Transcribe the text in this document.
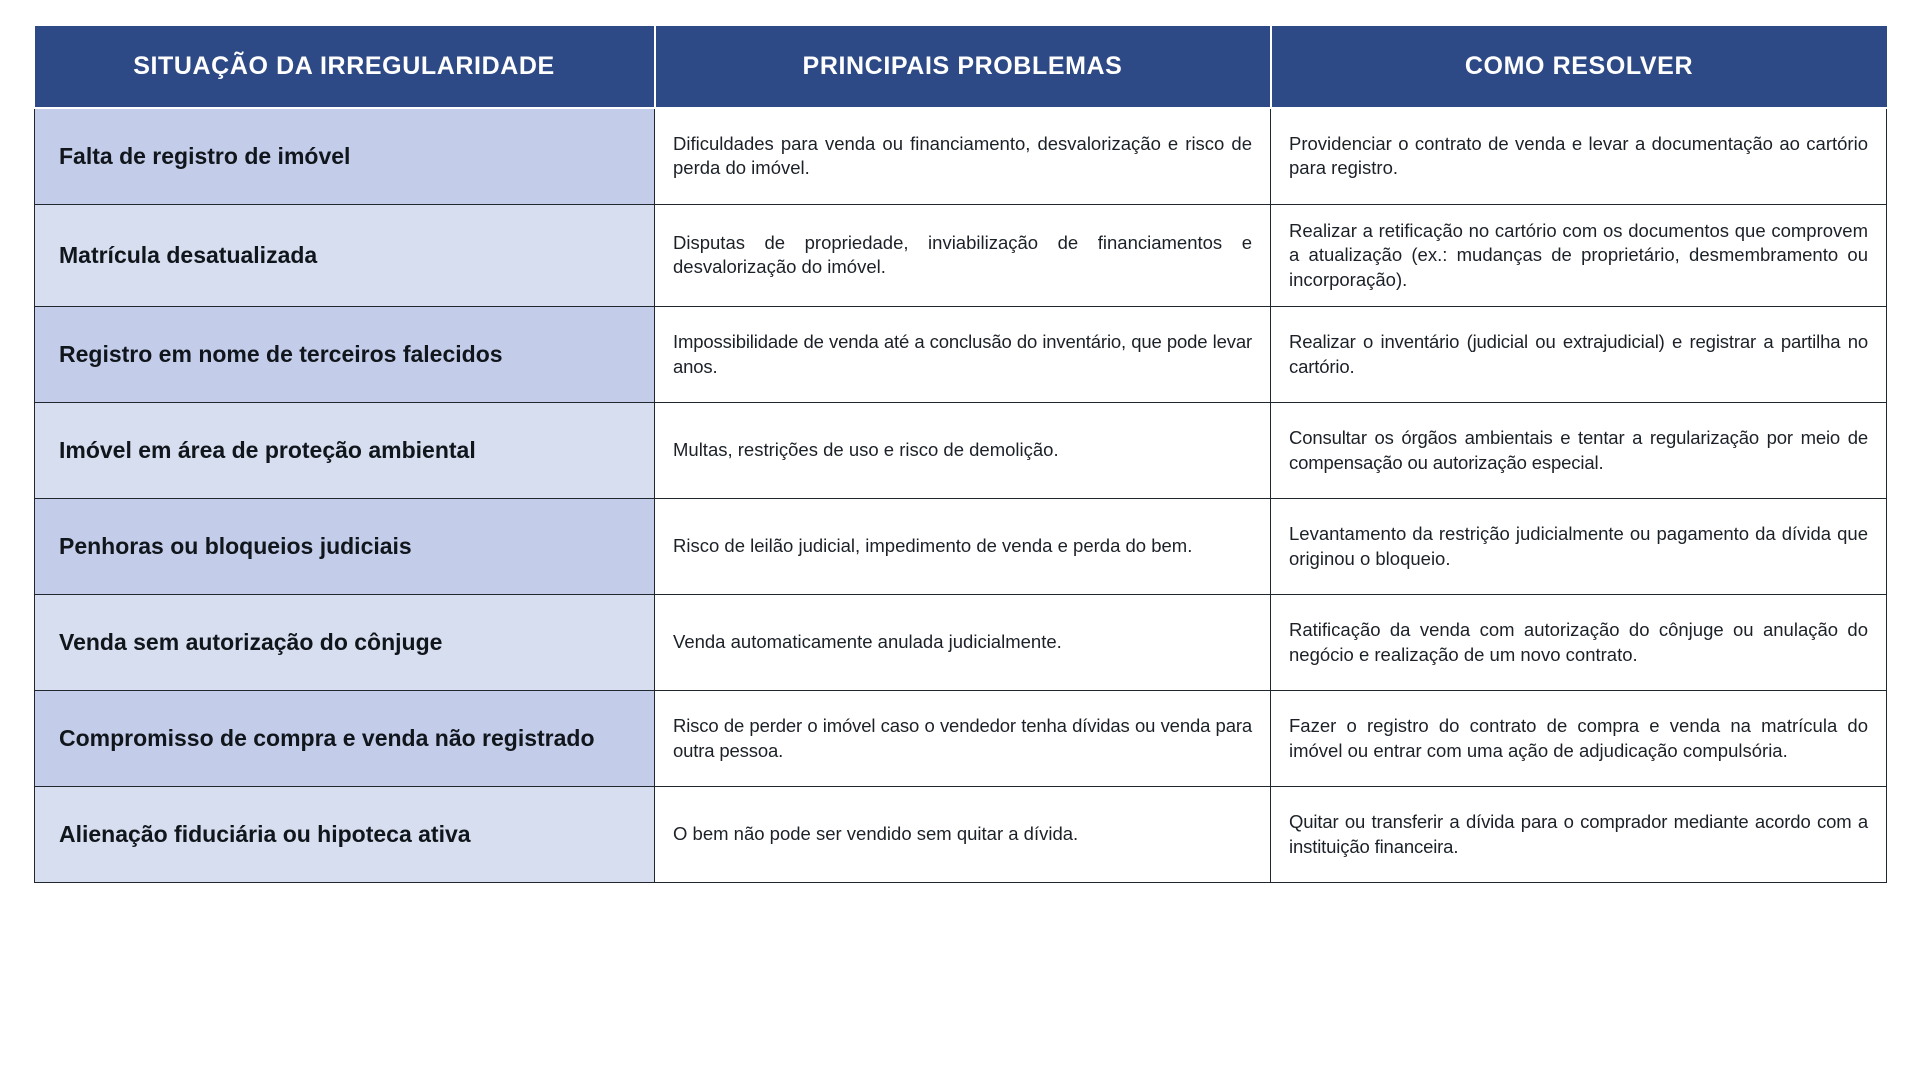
SITUAÇÃO DA IRREGULARIDADE	PRINCIPAIS PROBLEMAS	COMO RESOLVER
Falta de registro de imóvel	Dificuldades para venda ou financiamento, desvalorização e risco de perda do imóvel.	Providenciar o contrato de venda e levar a documentação ao cartório para registro.
Matrícula desatualizada	Disputas de propriedade, inviabilização de financiamentos e desvalorização do imóvel.	Realizar a retificação no cartório com os documentos que comprovem a atualização (ex.: mudanças de proprietário, desmembramento ou incorporação).
Registro em nome de terceiros falecidos	Impossibilidade de venda até a conclusão do inventário, que pode levar anos.	Realizar o inventário (judicial ou extrajudicial) e registrar a partilha no cartório.
Imóvel em área de proteção ambiental	Multas, restrições de uso e risco de demolição.	Consultar os órgãos ambientais e tentar a regularização por meio de compensação ou autorização especial.
Penhoras ou bloqueios judiciais	Risco de leilão judicial, impedimento de venda e perda do bem.	Levantamento da restrição judicialmente ou pagamento da dívida que originou o bloqueio.
Venda sem autorização do cônjuge	Venda automaticamente anulada judicialmente.	Ratificação da venda com autorização do cônjuge ou anulação do negócio e realização de um novo contrato.
Compromisso de compra e venda não registrado	Risco de perder o imóvel caso o vendedor tenha dívidas ou venda para outra pessoa.	Fazer o registro do contrato de compra e venda na matrícula do imóvel ou entrar com uma ação de adjudicação compulsória.
Alienação fiduciária ou hipoteca ativa	O bem não pode ser vendido sem quitar a dívida.	Quitar ou transferir a dívida para o comprador mediante acordo com a instituição financeira.
